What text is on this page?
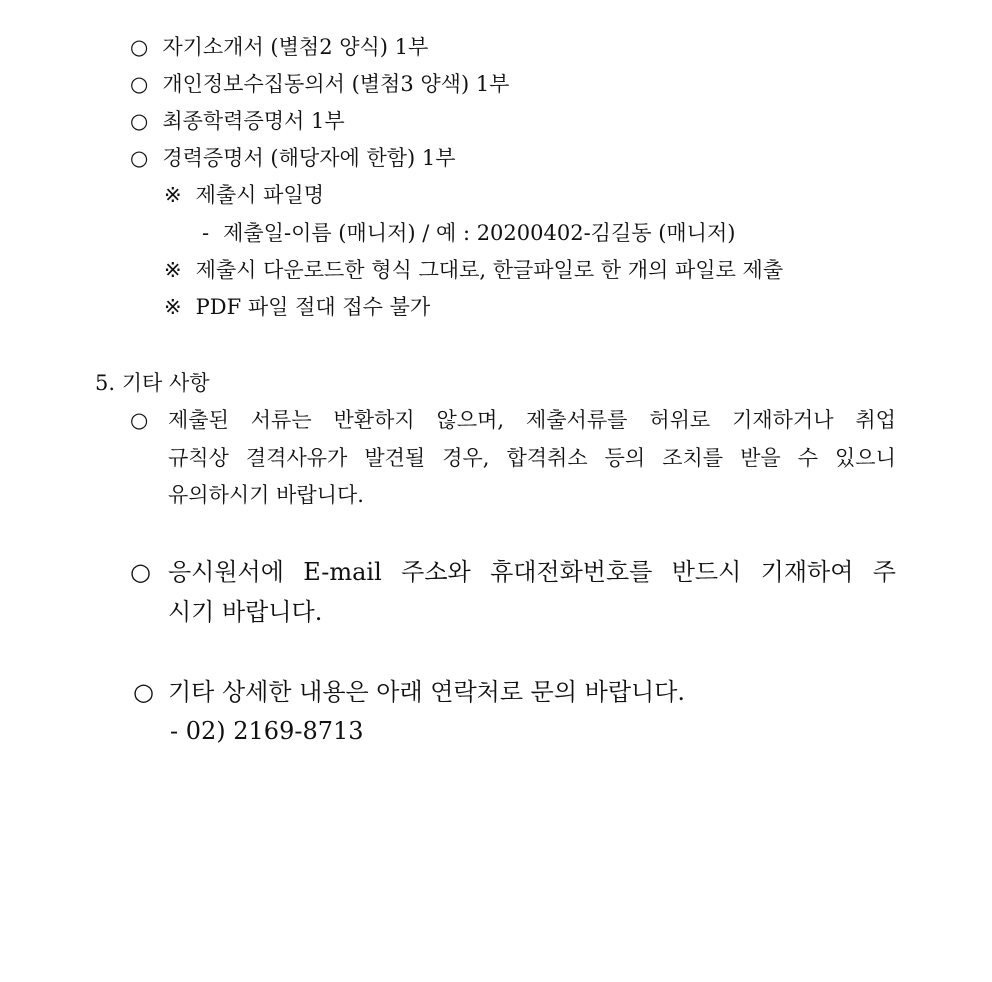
○ 자기소개서 (별첨2 양식) 1부
○ 개인정보수집동의서 (별첨3 양색) 1부
○ 최종학력증명서 1부
○ 경력증명서 (해당자에 한함) 1부
※ 제출시 파일명
- 제출일-이름 (매니저) / 예 : 20200402-김길동 (매니저)
※ 제출시 다운로드한 형식 그대로, 한글파일로 한 개의 파일로 제출
※ PDF 파일 절대 접수 불가
5. 기타 사항
○ 제출된 서류는 반환하지 않으며, 제출서류를 허위로 기재하거나 취업
규칙상 결격사유가 발견될 경우, 합격취소 등의 조치를 받을 수 있으니
유의하시기 바랍니다.
○ 응시원서에 E-mail 주소와 휴대전화번호를 반드시 기재하여 주
시기 바랍니다.
○ 기타 상세한 내용은 아래 연락처로 문의 바랍니다.
- 02) 2169-8713
